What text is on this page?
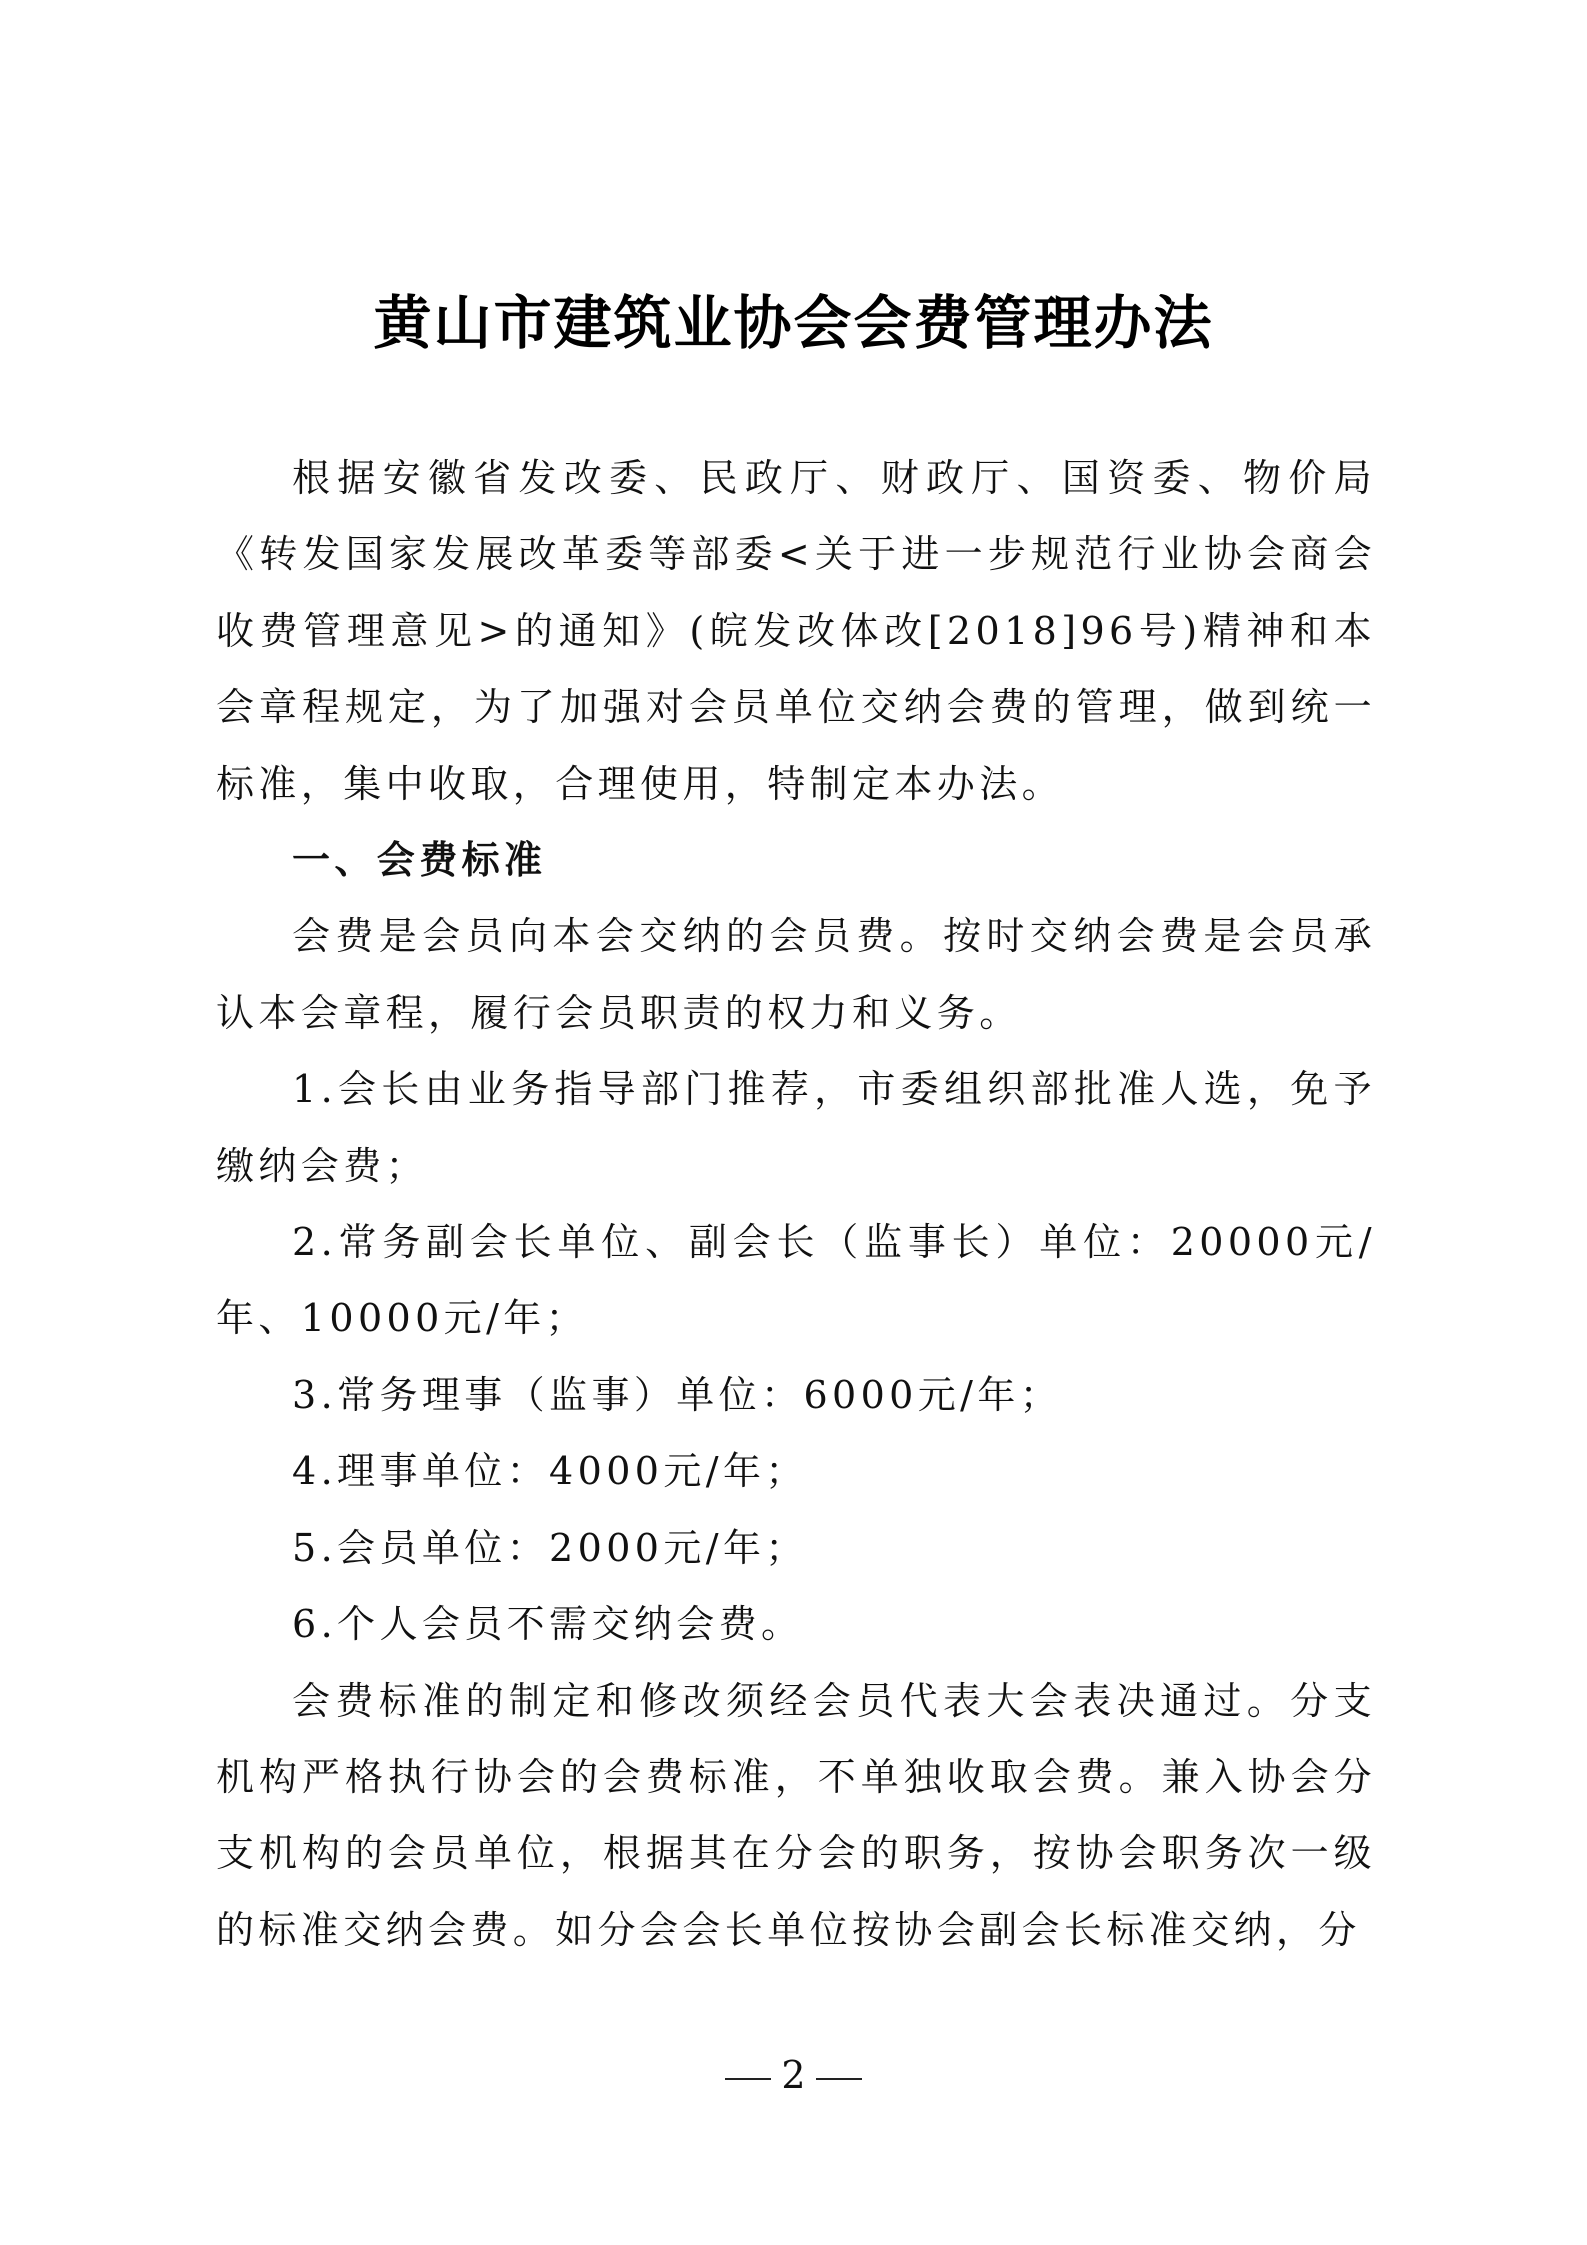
黄山市建筑业协会会费管理办法

根据安徽省发改委、民政厅、财政厅、国资委、物价局《转发国家发展改革委等部委<关于进一步规范行业协会商会收费管理意见>的通知》(皖发改体改[2018]96号)精神和本会章程规定，为了加强对会员单位交纳会费的管理，做到统一标准，集中收取，合理使用，特制定本办法。

一、会费标准

会费是会员向本会交纳的会员费。按时交纳会费是会员承认本会章程，履行会员职责的权力和义务。

1.会长由业务指导部门推荐，市委组织部批准人选，免予缴纳会费；

2.常务副会长单位、副会长（监事长）单位：20000元/年、10000元/年；

3.常务理事（监事）单位：6000元/年；

4.理事单位：4000元/年；

5.会员单位：2000元/年；

6.个人会员不需交纳会费。

会费标准的制定和修改须经会员代表大会表决通过。分支机构严格执行协会的会费标准，不单独收取会费。兼入协会分支机构的会员单位，根据其在分会的职务，按协会职务次一级的标准交纳会费。如分会会长单位按协会副会长标准交纳，分

2
